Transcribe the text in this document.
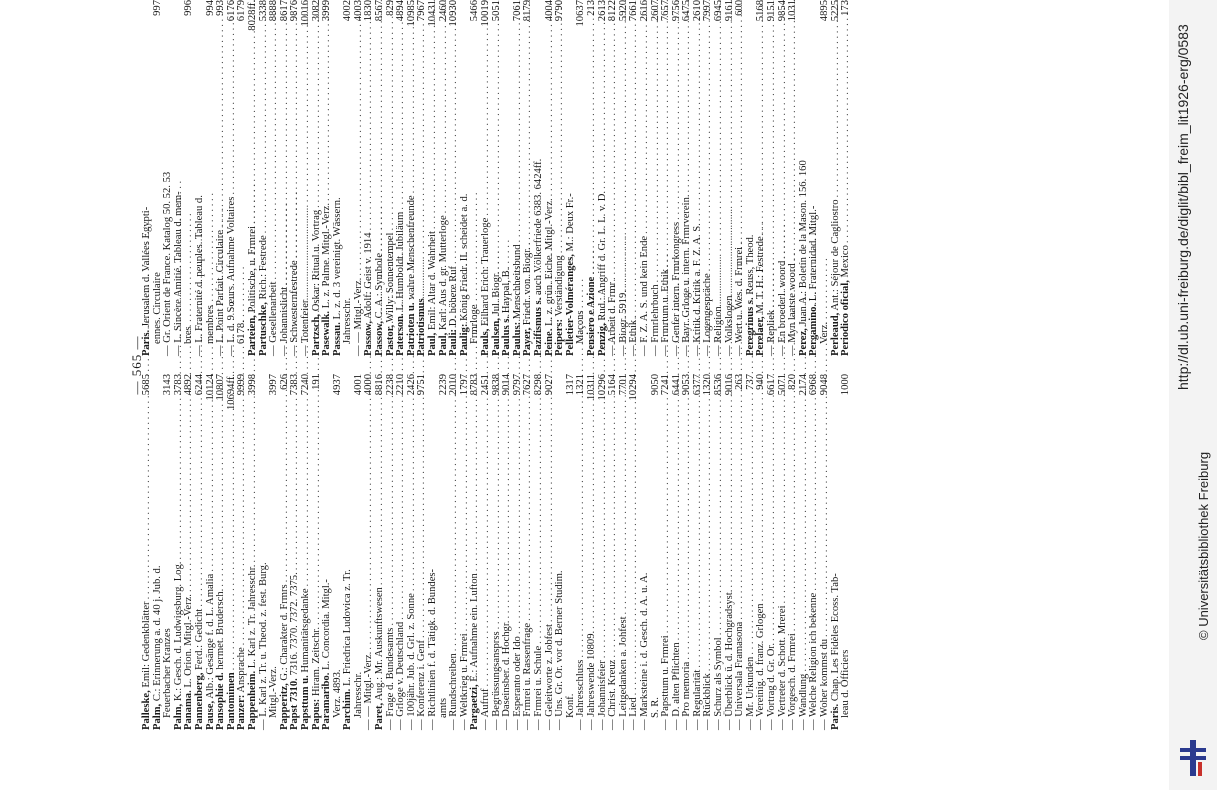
— 565 —
Palleske, Emil: Gedenkblätter
. . .
5685
Palm, C.: Erinnerung a. d. 40 j. Jub. d. Feuerbacher Kranzes
3143
Palm, K.: Gesch. d. Ludwigsburg. Log.
. . .
3783
Panama. L. Orion. Mitgl.-Verz.
. . .
4892
Pannenberg, Ferd.: Gedicht
. . .
6244
Pause, Alb.: Gesänge f. d. L. Amalia
. . .
10124
Pansophie d. hermet. Brudersch.
. . .
10807
Pantomimen
. . .
10694ff.
Panzer: Ansprache
. . .
9999
Pappenheim. L. Karl z. Tr. Jahresschr.
. . .
3998
— L. Karl z. Tr. u. Theod. z. fest. Burg. Mitgl.-Verz.
3997
Papperitz, G.: Charakter d. Frmrs
. . .
626
Papst 7310. 7316. 7370. 7372. 7375.
. . .
7383
Papsttum u. Humanitätsgedanke
. . .
7240
Papus: Hiram. Zeitschr.
. . .
191
Paramaribo. L. Concordia. Mitgl.-
Verz. 4893.
4937
Parchim. L. Friedrica Ludovica z. Tr.
Jahresschr.
4001
— — Mitgl.-Verz.
. . .
4000
Paret, Aug.: Mr. Auskunftswesen
. . .
8816
— Frage d. Bundesamts
. . .
2238
— Grloge v. Deutschland
. . .
2210
— 100jähr. Jub. d. Grl. z. Sonne
. . .
2426
— Konferenz i. Genf
. . .
9751
— Richtlinien f. d. Tätigk. d. Bundes- amts
2239
— Rundschreiben
. . .
2010
— Weltkrieg u. Frmrei
. . .
1797
Pargaetzi, E.: Aufnahme ein. Lufton
. . .
8783
— Aufruf
. . .
2451
— Begrüssungsansprss
. . .
9838
— Daseinsber. d. Hochgr.
. . .
9014
— Esperanto oder Ido
. . .
9797
— Frmrei u. Rassenfrage
. . .
7627
— Frmrei u. Schule
. . .
8298
— Geleitworte z. Jobfest
. . .
9027
— Uns. Gr. Or. vor d. Berner Studim. Konf.
1317
— Jahresschluss
. . .
1321
— Jahreswende 10809.
. . .
10311
— Johannisfeier
. . .
10296
— Christ. Kreuz
. . .
5164
— Leitgedanken a. Johfest
. . .
7701
— Lied
. . .
10294
— Marksteine i. d. Gesch. d. A. u. A. S. R.
9050
— Papsttum u. Frmrei
. . .
7241
— D. alten Pflichten
. . .
6441
— Pro memoria
. . .
9053
— Regularität
. . .
6377
— Rückblick
. . .
1320
— Schurz als Symbol
. . .
8536
— Überblick ü. d. Hochgradsyst.
. . .
9016
— Universala Framasona
. . .
263
— Mr. Urkunden
. . .
737
— Vereinig. d. franz. Grlogen
. . .
940
— Vortrag d. Gr. Or.
. . .
6617
— Vertreter d. Schott. Mrerei
. . .
5071
— Vorgesch. d. Frmrei
. . .
820
— Wandlung
. . .
2174
— Welche Religion ich bekenne
. . .
6968
— Woher kommst du
. . .
9048
Paris. Chap. Les Fidèles Ecoss. Tab- leau d. Officiers
1000
Paris. Jerusalem d. Vallées Egypti- ennes. Circulaire
997
— Gr. Orient de France. Katalog 50. 52. 53 — L. Sincère Amitié. Tableau d. mem- bres
996
— L. Fraternité d. peuples. Tableau d. membres
994
— L. Point Parfait. Circulaire
. . .
993
— L. d. 9 Sœurs. Aufnahme Voltaires
. . .
6176
6178.
6179
Parteien, Politische, u. Frmrei
. . .
8028ff.
Partuschke, Rich.: Festrede
. . .
5338
— Gesellenarbeit
. . .
8888
— Johannislicht
. . .
8617
— Schwesternfestrede
. . .
9876
— Totenfeier
. . .
10016
Partzsch, Oskar: Ritual u. Vortrag
. . .
3082
Pasewalk. L. z. Palme. Mitgl.-Verz.
. . .
3999
Passau. L. z. d. 3 vereinigt. Wässern. Jahresschr.
4002
— — Mitgl.-Verz.
. . .
4003
Passow, Adolf: Geist v. 1914
. . .
1830
Passow, C. A.: Symbole
. . .
8567
Pastor, Willy: Sonnentempel
. . .
829
Paterson. L. Humboldt. Jubiläum
. . .
4894
Patrioten u. wahre Menschenfreunde
. . .
10985
Patriotismus
. . .
7967
Paul, Emil: Altar d. Wahrheit
. . .
10431
Paul, Karl: Aus d. gr. Mutterloge
. . .
2460
Pauli: D. höhere Ruf
. . .
10930
Paulig: König Friedr. II. scheidet a. d.
Frmrloge
5466
Pauls, Eilhard Erich: Trauerloge
. . .
10019
Paulsen, Jul. Biogr.
. . .
5051
Paulus s. Haypal, B.
Paulus: Menschheitsbund
. . .
7061
Payer, Friedr. von. Biogr.
. . .
8179
Pazifismus s. auch Völkerfriede 6383. 6424ff.
Peine. L. z. grün. Eiche. Mitgl.-Verz.
. . .
4004
Peipers: Verständigung
. . .
9790
Pelletier-Volméranges, M.: Deux Fr.-
Maçons
10637
Pensiero e Azione
. . .
213
Penzig, Rud.: Angriff d. Gr. L. L. v. D.
. . .
2613
— Arbeit d. Frmr
. . .
8122
— Biogr. 5919.
. . .
5920
— Ethik
. . .
7661
— F. Z. A. S. und kein Ende
. . .
2616
— Frmrlehrbuch
. . .
2607
— Frmrtum u. Ethik
. . .
7657
— Genfer intern. Frmrkongress
. . .
9756
— Bayr. Grloge u. intern. Frmrverein.
. . .
6475
— Kritik d. Kritik a. F. Z. A. S.
. . .
2610
— Logengespräche
. . .
7997
— Religion
. . .
6945
— Volkslogen
. . .
9161
— Wert u. Wes. d. Frmrei
. . .
600
Peregrinus s. Reuss, Theod.
Perelaer, M. T. H.: Festrede
. . .
5168
— Repliek
. . .
9151
— En broederl. woord
. . .
9854
— Myn laatste woord
. . .
1031
Perez, Juan A.: Boletín de la Mason. 156. 160
Pergamino. L. Fraternidad. Mitgl.-
Verz.
4895
Perleaud, Ant.: Séjour de Cagliostro
. . .
5225
Periodico oficial, Mexico
. . .
173
http://dl.ub.uni-freiburg.de/diglit/bibl_freim_lit1926-erg/0583
© Universitätsbibliothek Freiburg
